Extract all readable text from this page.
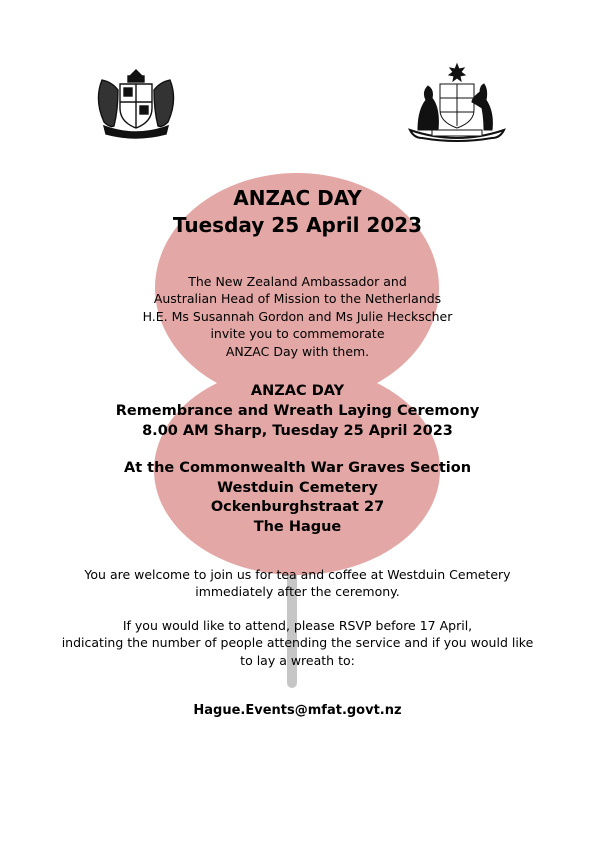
ANZAC DAY
Tuesday 25 April 2023
The New Zealand Ambassador and
Australian Head of Mission to the Netherlands
H.E. Ms Susannah Gordon and Ms Julie Heckscher
invite you to commemorate
ANZAC Day with them.
ANZAC DAY
Remembrance and Wreath Laying Ceremony
8.00 AM Sharp, Tuesday 25 April 2023
At the Commonwealth War Graves Section
Westduin Cemetery
Ockenburghstraat 27
The Hague
You are welcome to join us for tea and coffee at Westduin Cemetery
immediately after the ceremony.
If you would like to attend, please RSVP before 17 April,
indicating the number of people attending the service and if you would like
to lay a wreath to:
Hague.Events@mfat.govt.nz
